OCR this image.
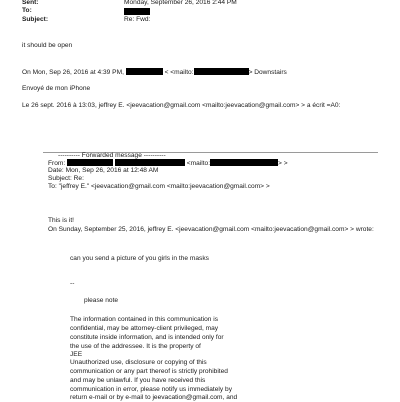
Sent:	Monday, September 26, 2016 2:44 PM
To:
Subject:	Re: Fwd:
it should be open
On Mon, Sep 26, 2016 at 4:39 PM,	< <mailto:	> Downstairs
Envoyé de mon iPhone
Le 26 sept. 2016 à 13:03, jeffrey E. <jeevacation@gmail.com <mailto:jeevacation@gmail.com> > a écrit =A0:
---------- Forwarded message ----------
From:	<mailto:	> >
Date: Mon, Sep 26, 2016 at 12:48 AM
Subject: Re:
To: "jeffrey E." <jeevacation@gmail.com <mailto:jeevacation@gmail.com> >
This is it!
On Sunday, September 25, 2016, jeffrey E. <jeevacation@gmail.com <mailto:jeevacation@gmail.com> > wrote:
can you send a picture of you girls in the masks
--
please note
The information contained in this communication is
confidential, may be attorney-client privileged, may
constitute inside information, and is intended only for
the use of the addressee. It is the property of
JEE
Unauthorized use, disclosure or copying of this
communication or any part thereof is strictly prohibited
and may be unlawful. If you have received this
communication in error, please notify us immediately by
return e-mail or by e-mail to jeevacation@gmail.com, and
